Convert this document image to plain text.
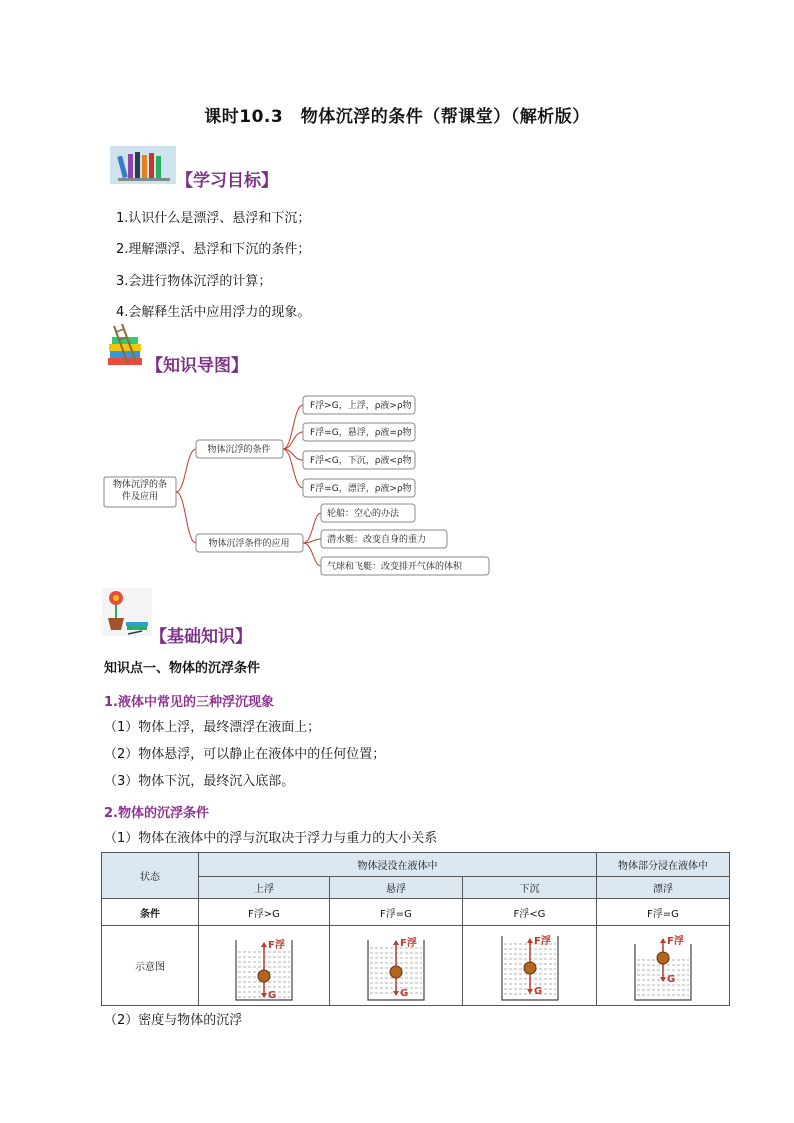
课时10.3　物体沉浮的条件（帮课堂）（解析版）
【学习目标】
1.认识什么是漂浮、悬浮和下沉；
2.理解漂浮、悬浮和下沉的条件；
3.会进行物体沉浮的计算；
4.会解释生活中应用浮力的现象。
【知识导图】
物体沉浮的条件及应用
物体沉浮的条件
物体沉浮条件的应用
F浮>G，上浮，ρ液>ρ物
F浮=G，悬浮，ρ液=ρ物
F浮<G，下沉，ρ液<ρ物
F浮=G，漂浮，ρ液>ρ物
轮船：空心的办法
潜水艇：改变自身的重力
气球和飞艇：改变排开气体的体积
【基础知识】
知识点一、物体的沉浮条件
1.液体中常见的三种浮沉现象
（1）物体上浮，最终漂浮在液面上；
（2）物体悬浮，可以静止在液体中的任何位置；
（3）物体下沉，最终沉入底部。
2.物体的沉浮条件
（1）物体在液体中的浮与沉取决于浮力与重力的大小关系
状态	物体浸没在液体中			物体部分浸在液体中
	上浮	悬浮	下沉	漂浮
条件	F浮>G	F浮=G	F浮<G	F浮=G
示意图	F浮
G	F浮
G	F浮
G	F浮
G
（2）密度与物体的沉浮
